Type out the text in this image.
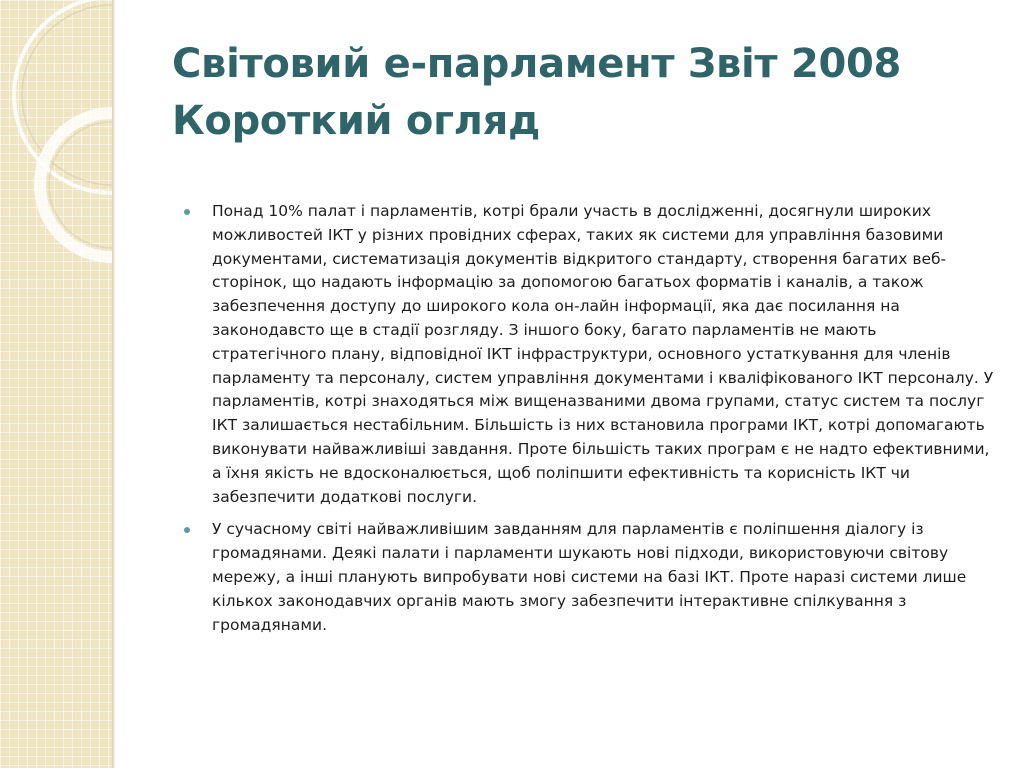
Світовий е-парламент Звіт 2008
Короткий огляд
Понад 10% палат і парламентів, котрі брали участь в дослідженні, досягнули широких можливостей ІКТ у різних провідних сферах, таких як системи для управління базовими документами, систематизація документів відкритого стандарту, створення багатих веб-сторінок, що надають інформацію за допомогою багатьох форматів і каналів, а також забезпечення доступу до широкого кола он-лайн інформації, яка дає посилання на законодавсто ще в стадії розгляду. З іншого боку, багато парламентів не мають стратегічного плану, відповідної ІКТ інфраструктури, основного устаткування для членів парламенту та персоналу, систем управління документами і кваліфікованого ІКТ персоналу. У парламентів, котрі знаходяться між вищеназваними двома групами, статус систем та послуг ІКТ залишається нестабільним. Більшість із них встановила програми ІКТ, котрі допомагають виконувати найважливіші завдання. Проте більшість таких програм є не надто ефективними, а їхня якість не вдосконалюється, щоб поліпшити ефективність та корисність ІКТ чи забезпечити додаткові послуги.
У сучасному світі найважливішим завданням для парламентів є поліпшення діалогу із громадянами. Деякі палати і парламенти шукають нові підходи, використовуючи світову мережу, а інші планують випробувати нові системи на базі ІКТ. Проте наразі системи лише кількох законодавчих органів мають змогу забезпечити інтерактивне спілкування з громадянами.
